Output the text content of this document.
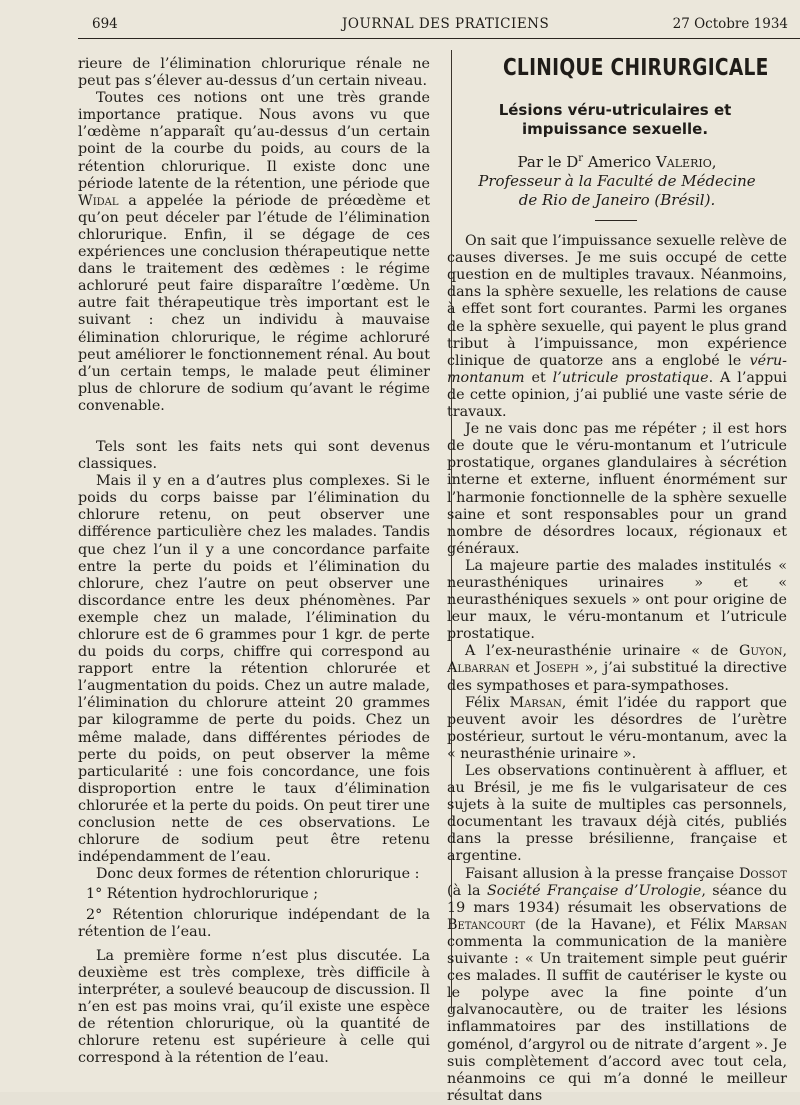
694	JOURNAL DES PRATICIENS	27 Octobre 1934

rieure de l’élimination chlorurique rénale ne peut pas s’élever au-dessus d’un certain niveau.

Toutes ces notions ont une très grande importance pratique. Nous avons vu que l’œdème n’apparaît qu’au-dessus d’un certain point de la courbe du poids, au cours de la rétention chlorurique. Il existe donc une période latente de la rétention, une période que Widal a appelée la période de préœdème et qu’on peut déceler par l’étude de l’élimination chlorurique. Enfin, il se dégage de ces expériences une conclusion thérapeutique nette dans le traitement des œdèmes : le régime achloruré peut faire disparaître l’œdème. Un autre fait thérapeutique très important est le suivant : chez un individu à mauvaise élimination chlorurique, le régime achloruré peut améliorer le fonctionnement rénal. Au bout d’un certain temps, le malade peut éliminer plus de chlorure de sodium qu’avant le régime convenable.

Tels sont les faits nets qui sont devenus classiques.

Mais il y en a d’autres plus complexes. Si le poids du corps baisse par l’élimination du chlorure retenu, on peut observer une différence particulière chez les malades. Tandis que chez l’un il y a une concordance parfaite entre la perte du poids et l’élimination du chlorure, chez l’autre on peut observer une discordance entre les deux phénomènes. Par exemple chez un malade, l’élimination du chlorure est de 6 grammes pour 1 kgr. de perte du poids du corps, chiffre qui correspond au rapport entre la rétention chlorurée et l’augmentation du poids. Chez un autre malade, l’élimination du chlorure atteint 20 grammes par kilogramme de perte du poids. Chez un même malade, dans différentes périodes de perte du poids, on peut observer la même particularité : une fois concordance, une fois disproportion entre le taux d’élimination chlorurée et la perte du poids. On peut tirer une conclusion nette de ces observations. Le chlorure de sodium peut être retenu indépendamment de l’eau.

Donc deux formes de rétention chlorurique :

1° Rétention hydrochlorurique ;

2° Rétention chlorurique indépendant de la rétention de l’eau.

La première forme n’est plus discutée. La deuxième est très complexe, très difficile à interpréter, a soulevé beaucoup de discussion. Il n’en est pas moins vrai, qu’il existe une espèce de rétention chlorurique, où la quantité de chlorure retenu est supérieure à celle qui correspond à la rétention de l’eau.

CLINIQUE CHIRURGICALE
Lésions véru-utriculaires et impuissance sexuelle.
Par le $D^r$ Americo Valerio,
Professeur à la Faculté de Médecine
de Rio de Janeiro (Brésil).

On sait que l’impuissance sexuelle relève de causes diverses. Je me suis occupé de cette question en de multiples travaux. Néanmoins, dans la sphère sexuelle, les relations de cause à effet sont fort courantes. Parmi les organes de la sphère sexuelle, qui payent le plus grand tribut à l’impuissance, mon expérience clinique de quatorze ans a englobé le véru-montanum et l’utricule prostatique. A l’appui de cette opinion, j’ai publié une vaste série de travaux.

Je ne vais donc pas me répéter ; il est hors de doute que le véru-montanum et l’utricule prostatique, organes glandulaires à sécrétion interne et externe, influent énormément sur l’harmonie fonctionnelle de la sphère sexuelle saine et sont responsables pour un grand nombre de désordres locaux, régionaux et généraux.

La majeure partie des malades institulés « neurasthéniques urinaires » et « neurasthéniques sexuels » ont pour origine de leur maux, le véru-montanum et l’utricule prostatique.

A l’ex-neurasthénie urinaire « de Guyon, Albarran et Joseph », j’ai substitué la directive des sympathoses et para-sympathoses.

Félix Marsan, émit l’idée du rapport que peuvent avoir les désordres de l’urètre postérieur, surtout le véru-montanum, avec la « neurasthénie urinaire ».

Les observations continuèrent à affluer, et au Brésil, je me fis le vulgarisateur de ces sujets à la suite de multiples cas personnels, documentant les travaux déjà cités, publiés dans la presse brésilienne, française et argentine.

Faisant allusion à la presse française Dossot (à la Société Française d’Urologie, séance du 19 mars 1934) résumait les observations de Betancourt (de la Havane), et Félix Marsan commenta la communication de la manière suivante : « Un traitement simple peut guérir ces malades. Il suffit de cautériser le kyste ou le polype avec la fine pointe d’un galvanocautère, ou de traiter les lésions inflammatoires par des instillations de goménol, d’argyrol ou de nitrate d’argent ». Je suis complètement d’accord avec tout cela, néanmoins ce qui m’a donné le meilleur résultat dans
